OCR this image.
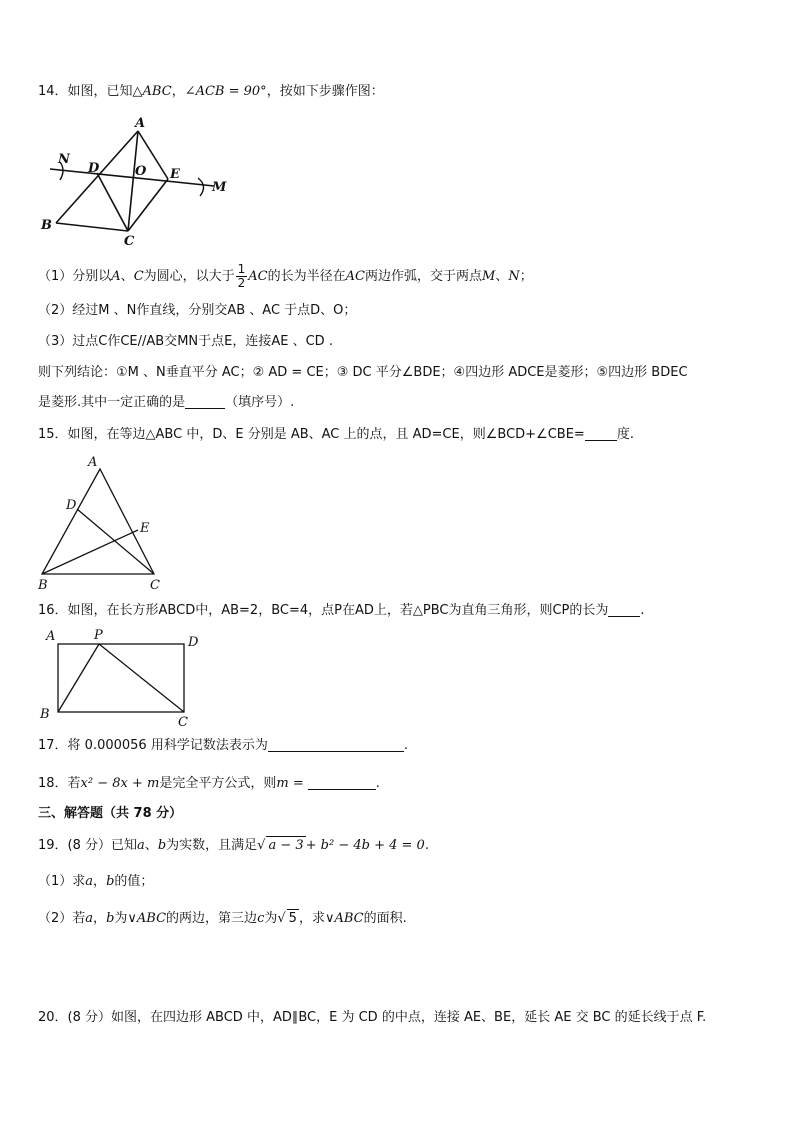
14．如图，已知△ABC，∠ACB = 90°，按如下步骤作图：
A
N
D	O E
M
B
C
（1）分别以A、C为圆心，以大于 $\frac{1}{2}$ AC的长为半径在AC两边作弧，交于两点M、N；
（2）经过M 、N作直线，分别交AB 、AC 于点D、O；
（3）过点C作CE//AB交MN于点E，连接AE 、CD .
则下列结论：①M 、N垂直平分 AC；② AD = CE；③ DC 平分∠BDE；④四边形 ADCE是菱形；⑤四边形 BDEC
是菱形.其中一定正确的是	（填序号）.
15．如图，在等边△ABC 中，D、E 分别是 AB、AC 上的点，且 AD=CE，则∠BCD+∠CBE= 度.
A
D
E
B	C
16．如图，在长方形ABCD中，AB=2，BC=4，点P在AD上，若△PBC为直角三角形，则CP的长为 .
A	P	D
B
C
17．将 0.000056 用科学记数法表示为	.
18．若x² − 8x + m是完全平方公式，则m =	.
三、解答题（共 78 分）
19．(8 分）已知a、b为实数，且满足√ a − 3 + b² − 4b + 4 = 0.
（1）求a，b的值；
（2）若a，b为∨ABC的两边，第三边c为√ 5 ，求∨ABC的面积.
20．(8 分）如图，在四边形 ABCD 中，AD∥BC，E 为 CD 的中点，连接 AE、BE，延长 AE 交 BC 的延长线于点 F.
